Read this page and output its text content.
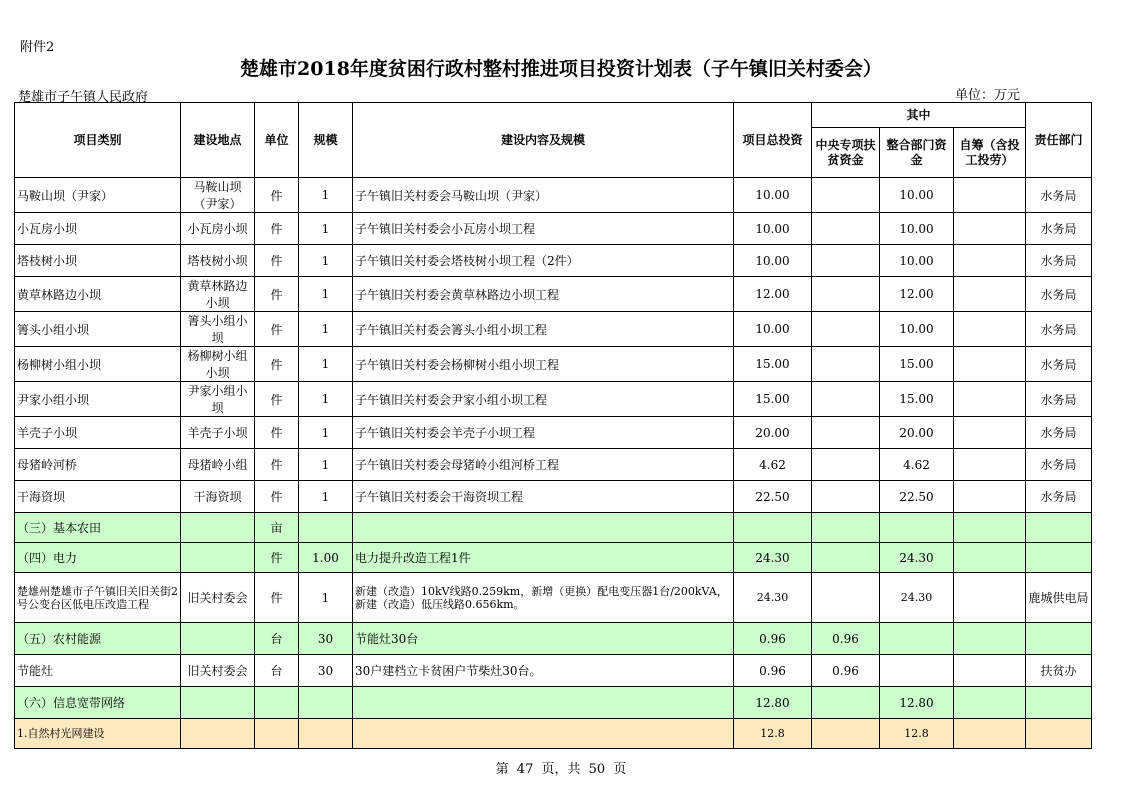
附件2
楚雄市2018年度贫困行政村整村推进项目投资计划表（子午镇旧关村委会）
楚雄市子午镇人民政府	单位：万元
项目类别	建设地点	单位	规模	建设内容及规模	项目总投资	其中			责任部门
						中央专项扶贫资金	整合部门资金	自筹（含投工投劳）	
马鞍山坝（尹家）	马鞍山坝（尹家）	件	1	子午镇旧关村委会马鞍山坝（尹家）	10.00		10.00		水务局
小瓦房小坝	小瓦房小坝	件	1	子午镇旧关村委会小瓦房小坝工程	10.00		10.00		水务局
塔枝树小坝	塔枝树小坝	件	1	子午镇旧关村委会塔枝树小坝工程（2件）	10.00		10.00		水务局
黄草林路边小坝	黄草林路边小坝	件	1	子午镇旧关村委会黄草林路边小坝工程	12.00		12.00		水务局
箐头小组小坝	箐头小组小坝	件	1	子午镇旧关村委会箐头小组小坝工程	10.00		10.00		水务局
杨柳树小组小坝	杨柳树小组小坝	件	1	子午镇旧关村委会杨柳树小组小坝工程	15.00		15.00		水务局
尹家小组小坝	尹家小组小坝	件	1	子午镇旧关村委会尹家小组小坝工程	15.00		15.00		水务局
羊壳子小坝	羊壳子小坝	件	1	子午镇旧关村委会羊壳子小坝工程	20.00		20.00		水务局
母猪岭河桥	母猪岭小组	件	1	子午镇旧关村委会母猪岭小组河桥工程	4.62		4.62		水务局
干海资坝	干海资坝	件	1	子午镇旧关村委会干海资坝工程	22.50		22.50		水务局
（三）基本农田		亩							
（四）电力		件	1.00	电力提升改造工程1件	24.30		24.30		
楚雄州楚雄市子午镇旧关旧关街2号公变台区低电压改造工程	旧关村委会	件	1	新建（改造）10kV线路0.259km，新增（更换）配电变压器1台/200kVA，新建（改造）低压线路0.656km。	24.30		24.30		鹿城供电局
（五）农村能源		台	30	节能灶30台	0.96	0.96			
节能灶	旧关村委会	台	30	30户建档立卡贫困户节柴灶30台。	0.96	0.96			扶贫办
（六）信息宽带网络					12.80		12.80		
1.自然村光网建设					12.8		12.8		
第 47 页，共 50 页
